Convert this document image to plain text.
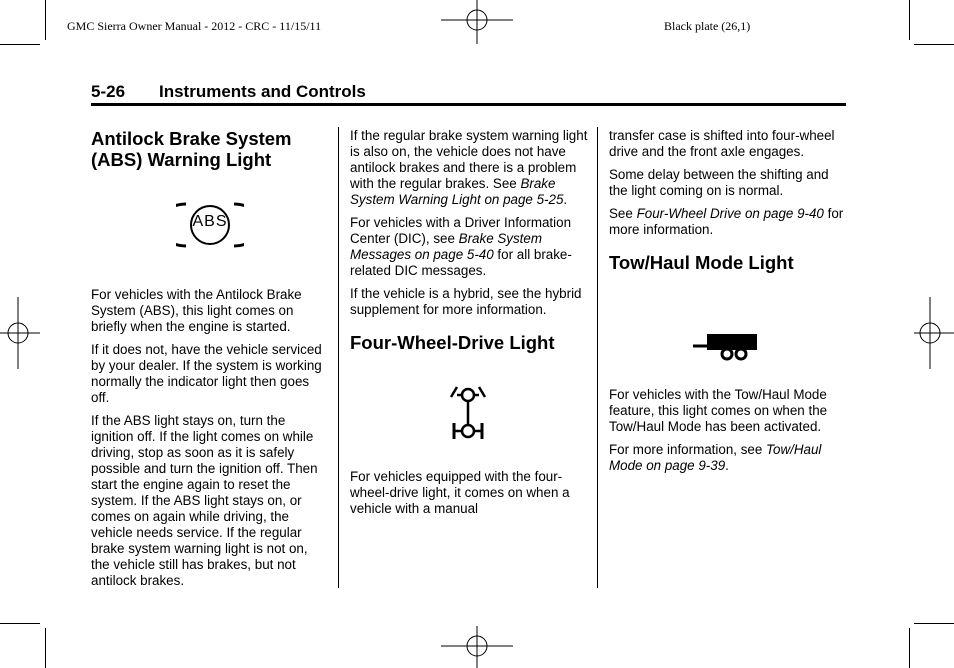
GMC Sierra Owner Manual - 2012 - CRC - 11/15/11	Black plate (26,1)
5-26 Instruments and Controls
Antilock Brake System
(ABS) Warning Light
ABS

For vehicles with the Antilock Brake System (ABS), this light comes on briefly when the engine is started.

If it does not, have the vehicle serviced by your dealer. If the system is working normally the indicator light then goes off.

If the ABS light stays on, turn the ignition off. If the light comes on while driving, stop as soon as it is safely possible and turn the ignition off. Then start the engine again to reset the system. If the ABS light stays on, or comes on again while driving, the vehicle needs service. If the regular brake system warning light is not on, the vehicle still has brakes, but not antilock brakes.

If the regular brake system warning light is also on, the vehicle does not have antilock brakes and there is a problem with the regular brakes. See Brake System Warning Light on page 5-25.

For vehicles with a Driver Information Center (DIC), see Brake System Messages on page 5-40 for all brake-related DIC messages.

If the vehicle is a hybrid, see the hybrid supplement for more information.

Four-Wheel-Drive Light

For vehicles equipped with the four-wheel-drive light, it comes on when a vehicle with a manual

transfer case is shifted into four-wheel drive and the front axle engages.

Some delay between the shifting and the light coming on is normal.

See Four-Wheel Drive on page 9-40 for more information.

Tow/Haul Mode Light

For vehicles with the Tow/Haul Mode feature, this light comes on when the Tow/Haul Mode has been activated.

For more information, see Tow/Haul Mode on page 9-39.
